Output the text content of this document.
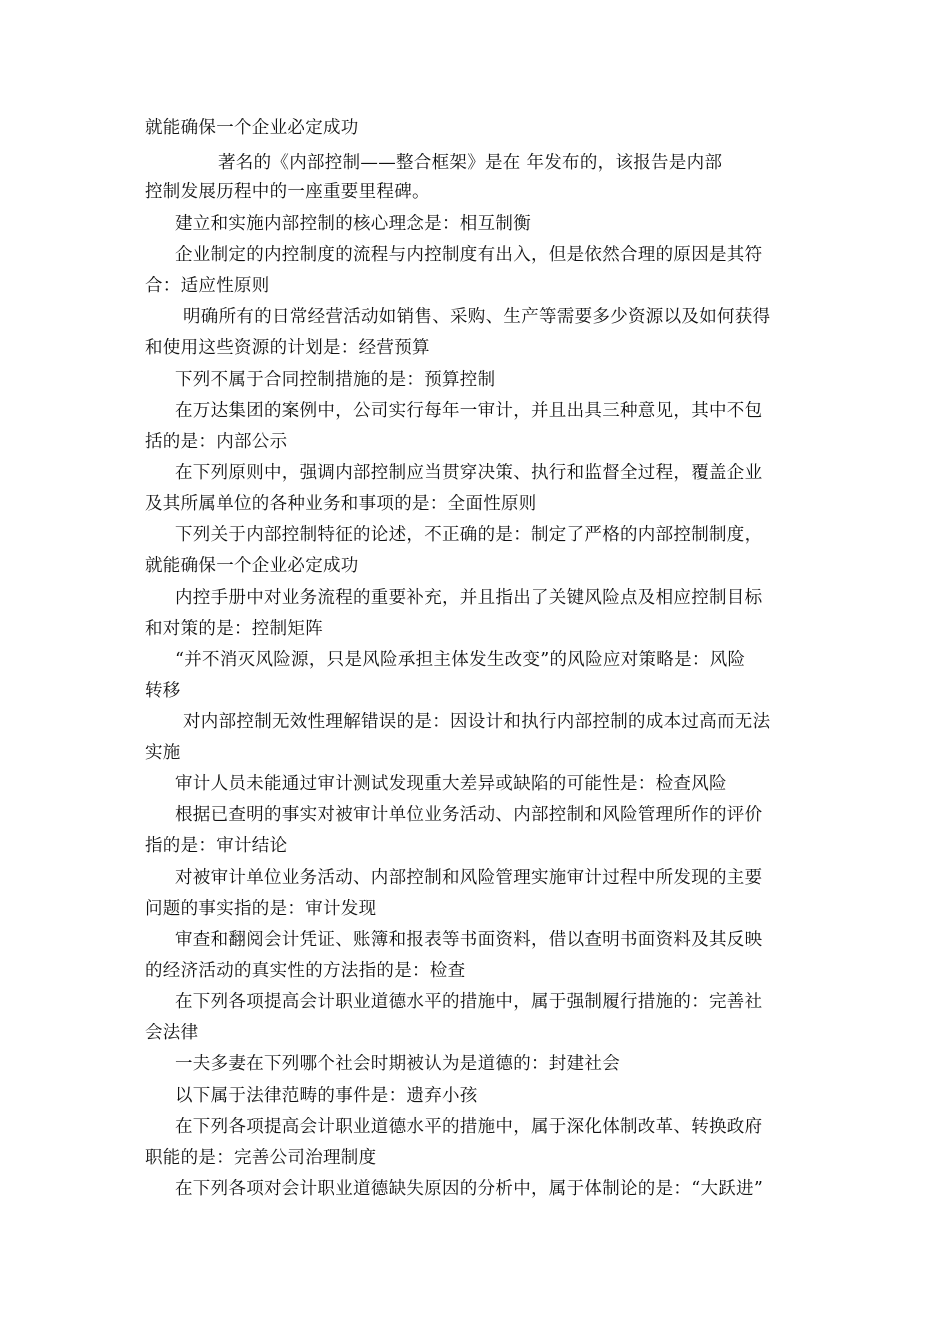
就能确保一个企业必定成功
著名的《内部控制——整合框架》是在 年发布的，该报告是内部
控制发展历程中的一座重要里程碑。
建立和实施内部控制的核心理念是：相互制衡
企业制定的内控制度的流程与内控制度有出入，但是依然合理的原因是其符
合：适应性原则
明确所有的日常经营活动如销售、采购、生产等需要多少资源以及如何获得
和使用这些资源的计划是：经营预算
下列不属于合同控制措施的是：预算控制
在万达集团的案例中，公司实行每年一审计，并且出具三种意见，其中不包
括的是：内部公示
在下列原则中，强调内部控制应当贯穿决策、执行和监督全过程，覆盖企业
及其所属单位的各种业务和事项的是：全面性原则
下列关于内部控制特征的论述，不正确的是：制定了严格的内部控制制度，
就能确保一个企业必定成功
内控手册中对业务流程的重要补充，并且指出了关键风险点及相应控制目标
和对策的是：控制矩阵
“并不消灭风险源，只是风险承担主体发生改变”的风险应对策略是：风险
转移
对内部控制无效性理解错误的是：因设计和执行内部控制的成本过高而无法
实施
审计人员未能通过审计测试发现重大差异或缺陷的可能性是：检查风险
根据已查明的事实对被审计单位业务活动、内部控制和风险管理所作的评价
指的是：审计结论
对被审计单位业务活动、内部控制和风险管理实施审计过程中所发现的主要
问题的事实指的是：审计发现
审查和翻阅会计凭证、账簿和报表等书面资料，借以查明书面资料及其反映
的经济活动的真实性的方法指的是：检查
在下列各项提高会计职业道德水平的措施中，属于强制履行措施的：完善社
会法律
一夫多妻在下列哪个社会时期被认为是道德的：封建社会
以下属于法律范畴的事件是：遗弃小孩
在下列各项提高会计职业道德水平的措施中，属于深化体制改革、转换政府
职能的是：完善公司治理制度
在下列各项对会计职业道德缺失原因的分析中，属于体制论的是：“大跃进”
